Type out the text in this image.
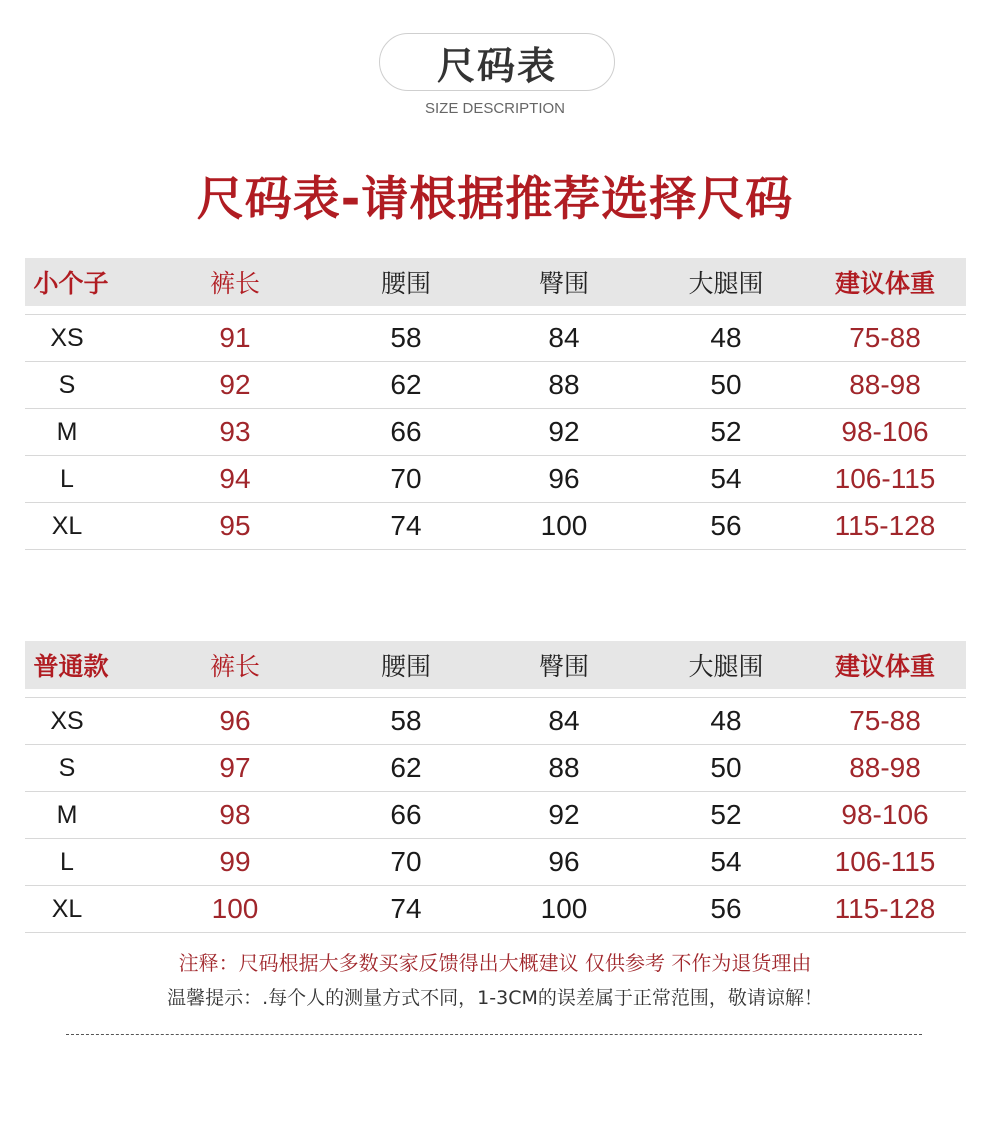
尺码表
SIZE DESCRIPTION
尺码表-请根据推荐选择尺码
小个子	裤长	腰围	臀围	大腿围	建议体重
XS	91	58	84	48	75-88
S	92	62	88	50	88-98
M	93	66	92	52	98-106
L	94	70	96	54	106-115
XL	95	74	100	56	115-128
普通款	裤长	腰围	臀围	大腿围	建议体重
XS	96	58	84	48	75-88
S	97	62	88	50	88-98
M	98	66	92	52	98-106
L	99	70	96	54	106-115
XL	100	74	100	56	115-128
注释：尺码根据大多数买家反馈得出大概建议 仅供参考 不作为退货理由
温馨提示：.每个人的测量方式不同，1-3CM的误差属于正常范围，敬请谅解！
